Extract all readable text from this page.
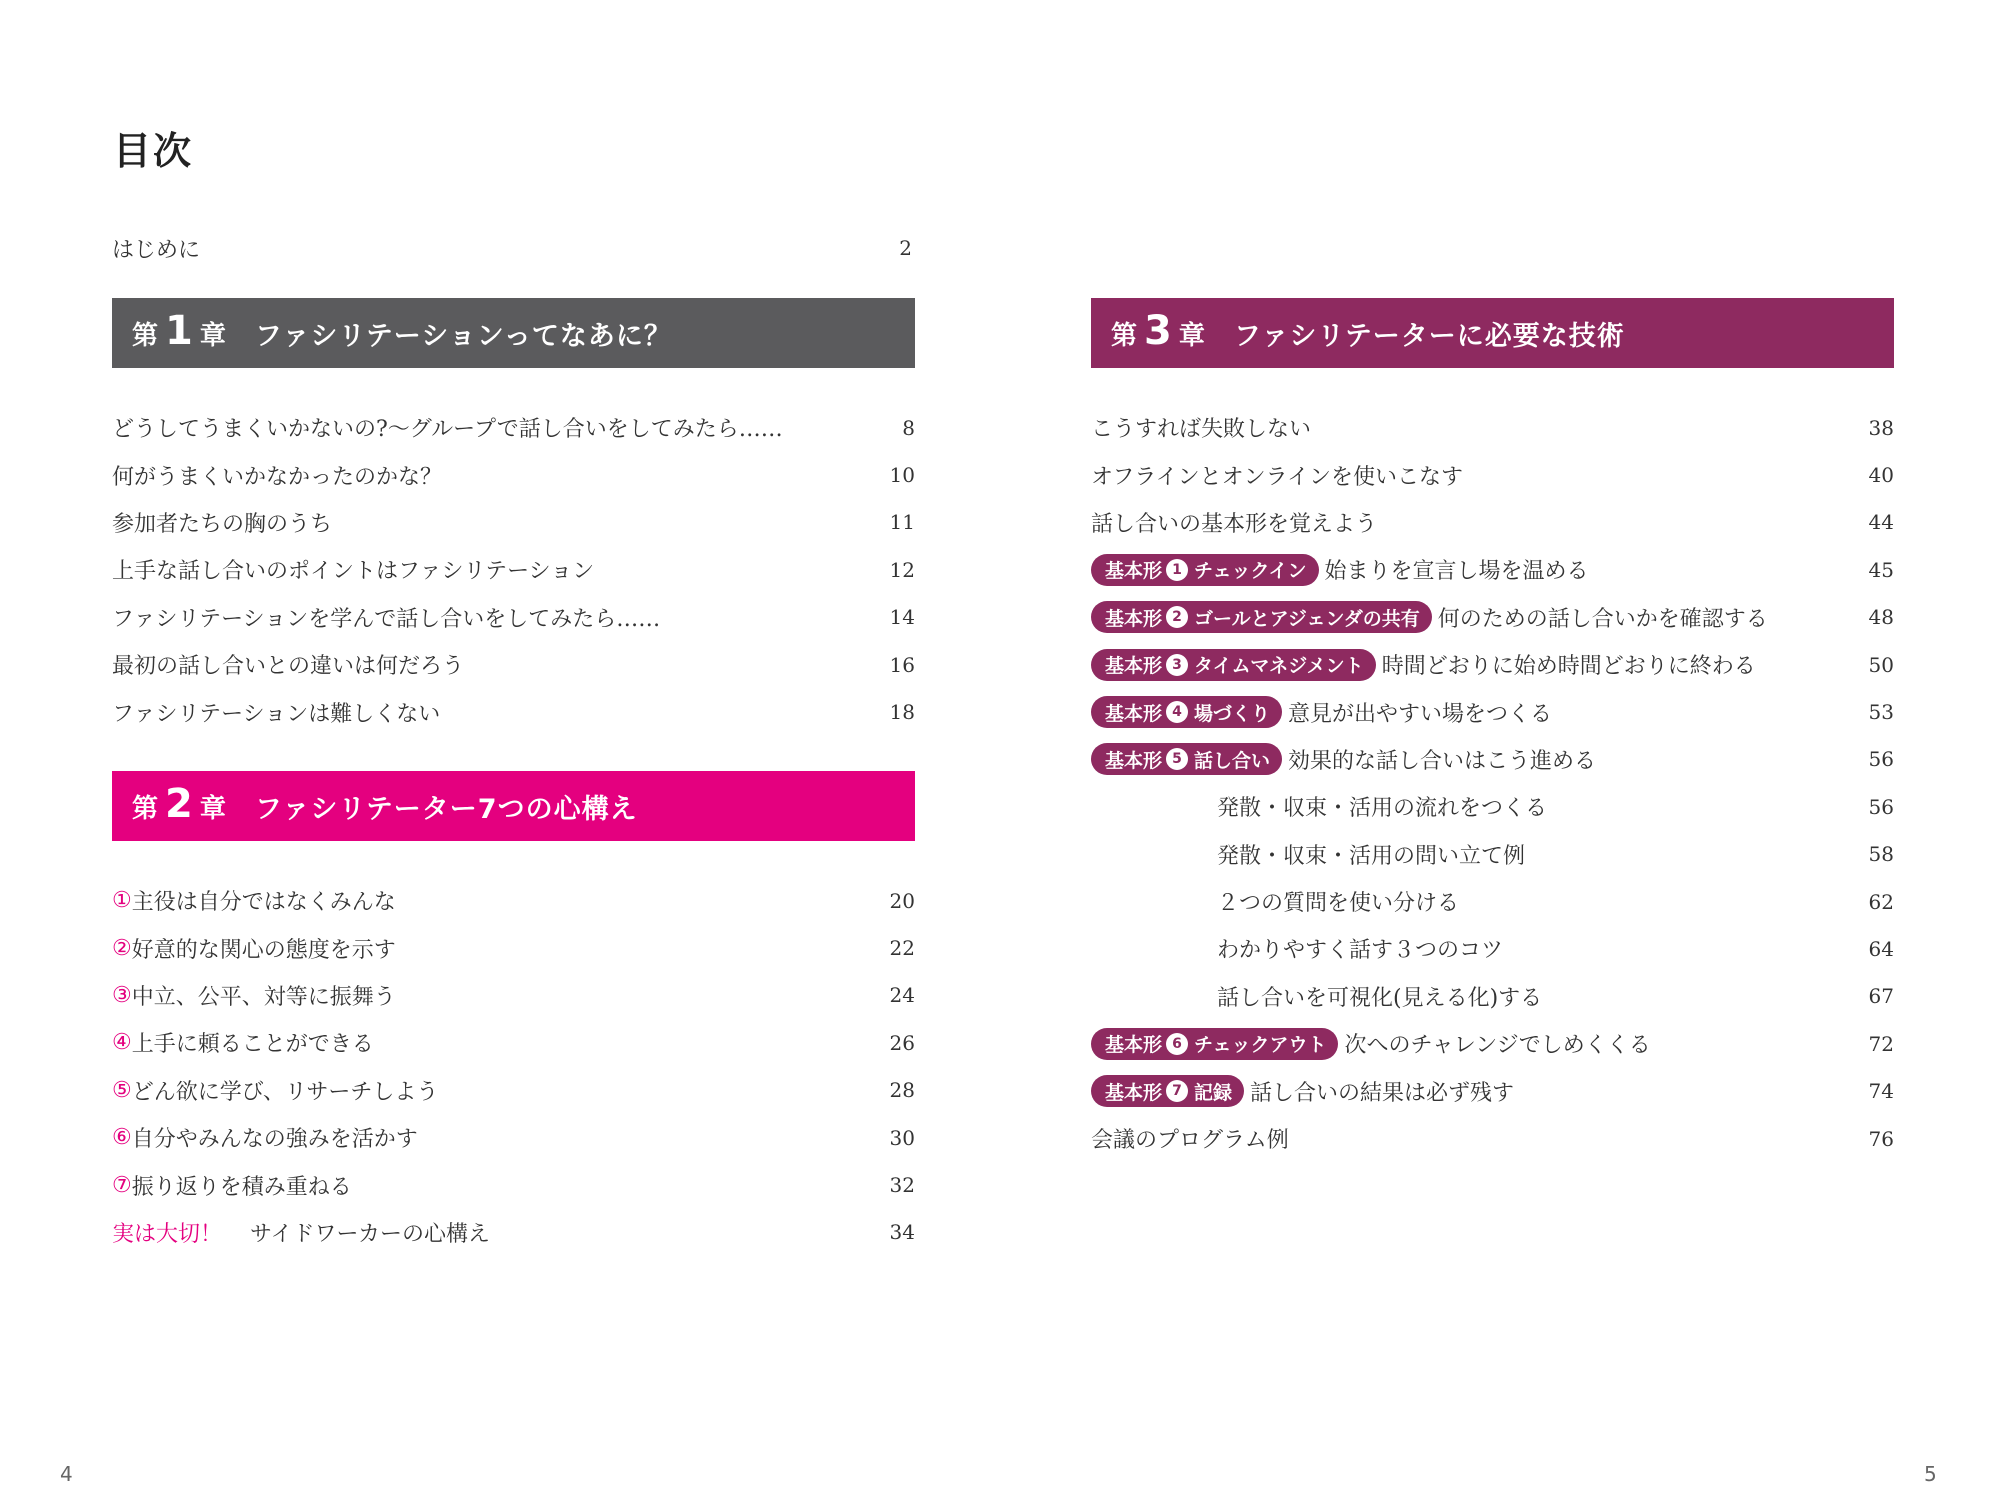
目次
はじめに	2
第 1 章 ファシリテーションってなあに？
どうしてうまくいかないの?〜グループで話し合いをしてみたら……	8
何がうまくいかなかったのかな？	10
参加者たちの胸のうち	11
上手な話し合いのポイントはファシリテーション	12
ファシリテーションを学んで話し合いをしてみたら……	14
最初の話し合いとの違いは何だろう	16
ファシリテーションは難しくない	18
第 2 章 ファシリテーター7つの心構え
① 主役は自分ではなくみんな	20
② 好意的な関心の態度を示す	22
③ 中立、公平、対等に振舞う	24
④ 上手に頼ることができる	26
⑤ どん欲に学び、リサーチしよう	28
⑥ 自分やみんなの強みを活かす	30
⑦ 振り返りを積み重ねる	32
実は大切！ サイドワーカーの心構え	34
第 3 章 ファシリテーターに必要な技術
こうすれば失敗しない	38
オフラインとオンラインを使いこなす	40
話し合いの基本形を覚えよう	44
基本形 1 チェックイン 始まりを宣言し場を温める	45
基本形 2 ゴールとアジェンダの共有 何のための話し合いかを確認する	48
基本形 3 タイムマネジメント 時間どおりに始め時間どおりに終わる	50
基本形 4 場づくり 意見が出やすい場をつくる	53
基本形 5 話し合い 効果的な話し合いはこう進める	56
発散・収束・活用の流れをつくる	56
発散・収束・活用の問い立て例	58
２つの質問を使い分ける	62
わかりやすく話す３つのコツ	64
話し合いを可視化(見える化)する	67
基本形 6 チェックアウト 次へのチャレンジでしめくくる	72
基本形 7 記録 話し合いの結果は必ず残す	74
会議のプログラム例	76
4	5
